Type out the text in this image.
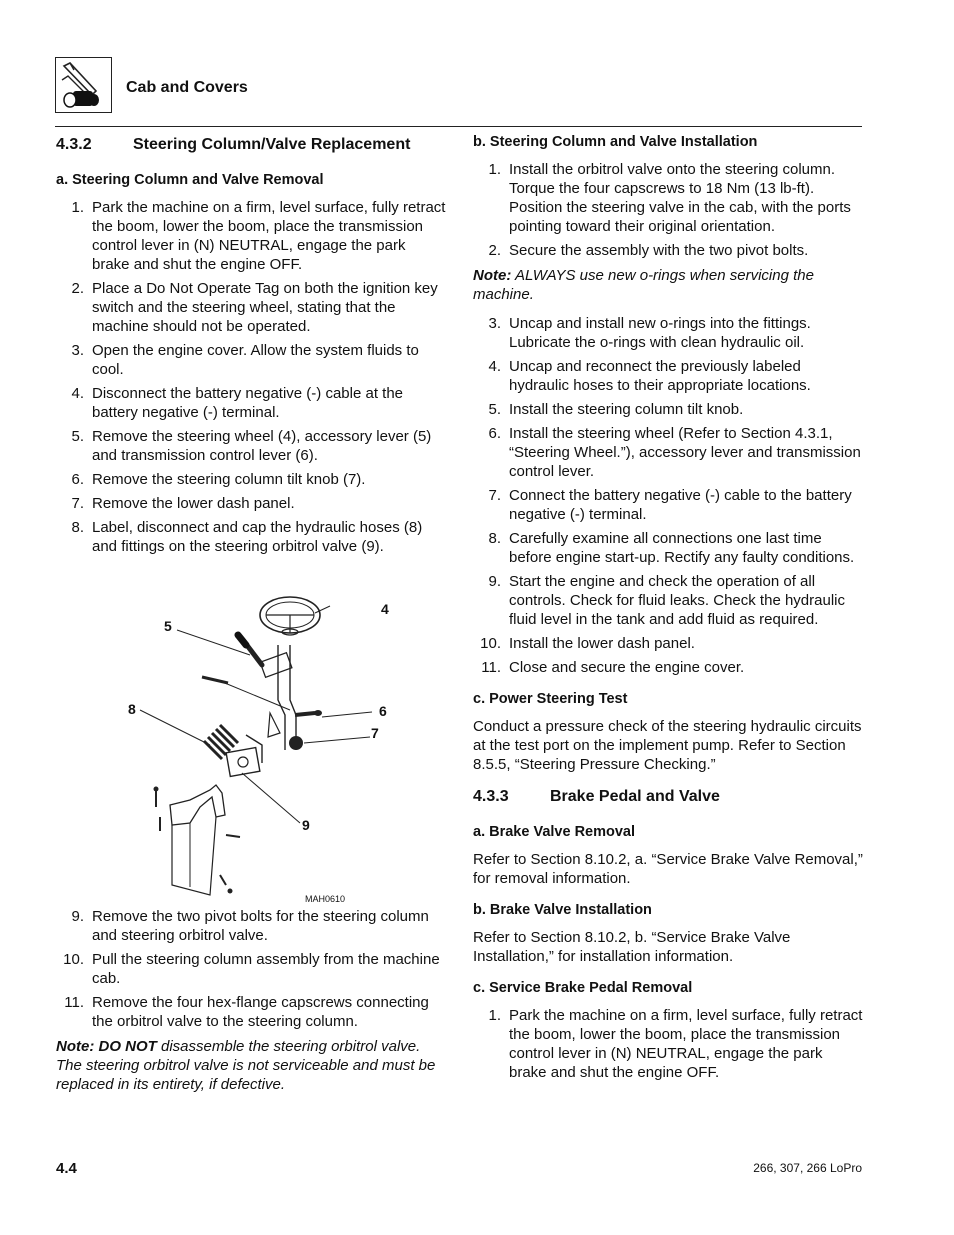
Cab and Covers
4.3.2	Steering Column/Valve Replacement
a. Steering Column and Valve Removal
1. Park the machine on a firm, level surface, fully retract the boom, lower the boom, place the transmission control lever in (N) NEUTRAL, engage the park brake and shut the engine OFF.
2. Place a Do Not Operate Tag on both the ignition key switch and the steering wheel, stating that the machine should not be operated.
3. Open the engine cover. Allow the system fluids to cool.
4. Disconnect the battery negative (-) cable at the battery negative (-) terminal.
5. Remove the steering wheel (4), accessory lever (5) and transmission control lever (6).
6. Remove the steering column tilt knob (7).
7. Remove the lower dash panel.
8. Label, disconnect and cap the hydraulic hoses (8) and fittings on the steering orbitrol valve (9).
9. Remove the two pivot bolts for the steering column and steering orbitrol valve.
10. Pull the steering column assembly from the machine cab.
11. Remove the four hex-flange capscrews connecting the orbitrol valve to the steering column.
Note: DO NOT disassemble the steering orbitrol valve. The steering orbitrol valve is not serviceable and must be replaced in its entirety, if defective.
4
5
6
7
8
9
MAH0610
b. Steering Column and Valve Installation
1. Install the orbitrol valve onto the steering column. Torque the four capscrews to 18 Nm (13 lb-ft). Position the steering valve in the cab, with the ports pointing toward their original orientation.
2. Secure the assembly with the two pivot bolts.
Note: ALWAYS use new o-rings when servicing the machine.
3. Uncap and install new o-rings into the fittings. Lubricate the o-rings with clean hydraulic oil.
4. Uncap and reconnect the previously labeled hydraulic hoses to their appropriate locations.
5. Install the steering column tilt knob.
6. Install the steering wheel (Refer to Section 4.3.1, “Steering Wheel.”), accessory lever and transmission control lever.
7. Connect the battery negative (-) cable to the battery negative (-) terminal.
8. Carefully examine all connections one last time before engine start-up. Rectify any faulty conditions.
9. Start the engine and check the operation of all controls. Check for fluid leaks. Check the hydraulic fluid level in the tank and add fluid as required.
10. Install the lower dash panel.
11. Close and secure the engine cover.
c. Power Steering Test

Conduct a pressure check of the steering hydraulic circuits at the test port on the implement pump. Refer to Section 8.5.5, “Steering Pressure Checking.”

4.3.3	Brake Pedal and Valve
a. Brake Valve Removal

Refer to Section 8.10.2, a. “Service Brake Valve Removal,” for removal information.

b. Brake Valve Installation

Refer to Section 8.10.2, b. “Service Brake Valve Installation,” for installation information.

c. Service Brake Pedal Removal
1. Park the machine on a firm, level surface, fully retract the boom, lower the boom, place the transmission control lever in (N) NEUTRAL, engage the park brake and shut the engine OFF.
4.4	266, 307, 266 LoPro
